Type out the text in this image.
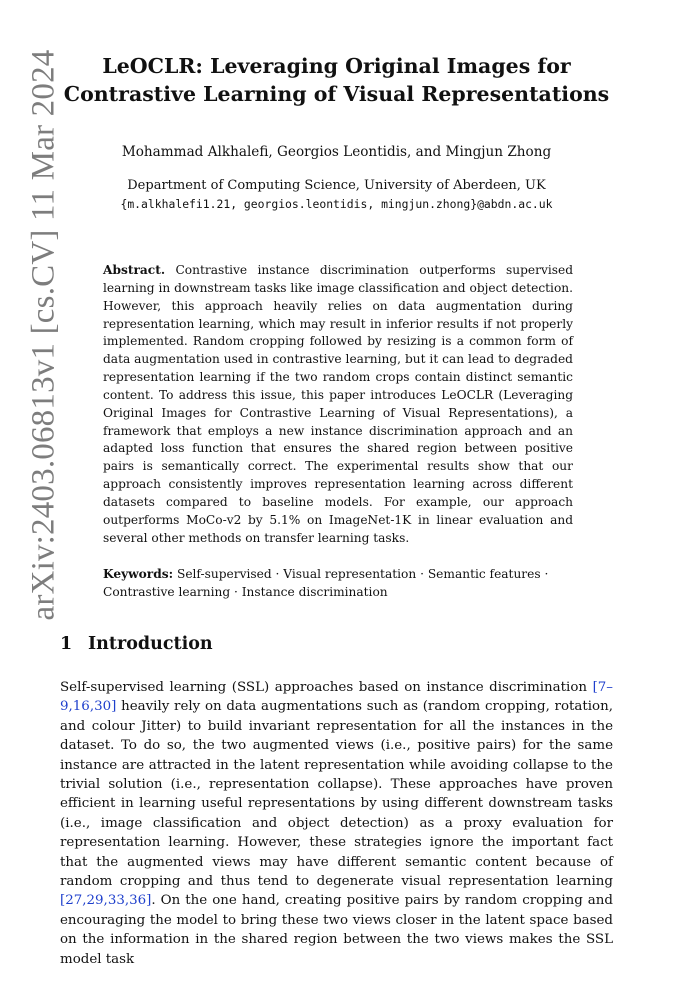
arXiv:2403.06813v1 [cs.CV] 11 Mar 2024	LeOCLR: Leveraging Original Images for
Contrastive Learning of Visual Representations
Mohammad Alkhalefi, Georgios Leontidis, and Mingjun Zhong
Department of Computing Science, University of Aberdeen, UK
{m.alkhalefi1.21, georgios.leontidis, mingjun.zhong}@abdn.ac.uk
Abstract. Contrastive instance discrimination outperforms supervised learning in downstream tasks like image classification and object detection. However, this approach heavily relies on data augmentation during representation learning, which may result in inferior results if not properly implemented. Random cropping followed by resizing is a common form of data augmentation used in contrastive learning, but it can lead to degraded representation learning if the two random crops contain distinct semantic content. To address this issue, this paper introduces LeOCLR (Leveraging Original Images for Contrastive Learning of Visual Representations), a framework that employs a new instance discrimination approach and an adapted loss function that ensures the shared region between positive pairs is semantically correct. The experimental results show that our approach consistently improves representation learning across different datasets compared to baseline models. For example, our approach outperforms MoCo-v2 by 5.1% on ImageNet-1K in linear evaluation and several other methods on transfer learning tasks.
Keywords: Self-supervised · Visual representation · Semantic features · Contrastive learning · Instance discrimination
1 Introduction
Self-supervised learning (SSL) approaches based on instance discrimination [7–9,16,30] heavily rely on data augmentations such as (random cropping, rotation, and colour Jitter) to build invariant representation for all the instances in the dataset. To do so, the two augmented views (i.e., positive pairs) for the same instance are attracted in the latent representation while avoiding collapse to the trivial solution (i.e., representation collapse). These approaches have proven efficient in learning useful representations by using different downstream tasks (i.e., image classification and object detection) as a proxy evaluation for representation learning. However, these strategies ignore the important fact that the augmented views may have different semantic content because of random cropping and thus tend to degenerate visual representation learning [27,29,33,36]. On the one hand, creating positive pairs by random cropping and encouraging the model to bring these two views closer in the latent space based on the information in the shared region between the two views makes the SSL model task
